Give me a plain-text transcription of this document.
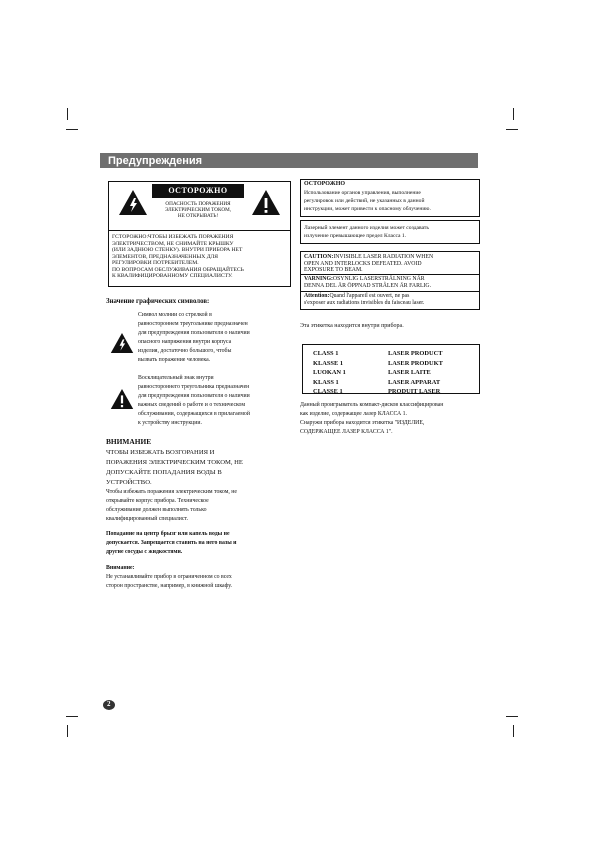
Предупреждения
ОСТОРОЖНО
ОПАСНОСТЬ ПОРАЖЕНИЯ
ЭЛЕКТРИЧЕСКИМ ТОКОМ,
НЕ ОТКРЫВАТЬ!
ГСТОРОЖНО:ЧТОБЫ ИЗБЕЖАТЬ ПОРАЖЕНИЯ
ЭЛЕКТРИЧЕСТВОМ, НЕ СНИМАЙТЕ КРЫШКУ
(ИЛИ ЗАДНЮЮ СТЕНКУ). ВНУТРИ ПРИБОРА НЕТ
ЭЛЕМЕНТОВ, ПРЕДНАЗНАЧЕННЫХ ДЛЯ
РЕГУЛИРОВКИ ПОТРЕБИТЕЛЕМ.
ПО ВОПРОСАМ ОБСЛУЖИВАНИЯ ОБРАЩАЙТЕСЬ
К КВАЛИФИЦИРОВАННОМУ СПЕЦИАЛИСТУ.
Значение графических символов:
Символ молнии со стрелкой в
равностороннем треугольнике предназначен
для предупреждения пользователя о наличии
опасного напряжения внутри корпуса
изделия, достаточно большого, чтобы
вызвать поражение человека.
Восклицательный знак внутри
равностороннего треугольника предназначен
для предупреждения пользователя о наличии
важных сведений о работе и о техническом
обслуживании, содержащихся в прилагаемой
к устройству инструкции.
ВНИМАНИЕ
ЧТОБЫ ИЗБЕЖАТЬ ВОЗГОРАНИЯ И
ПОРАЖЕНИЯ ЭЛЕКТРИЧЕСКИМ ТОКОМ, НЕ
ДОПУСКАЙТЕ ПОПАДАНИЯ ВОДЫ В
УСТРОЙСТВО.
Чтобы избежать поражения электрическим током, не
открывайте корпус прибора. Техническое
обслуживание должен выполнять только
квалифицированный специалист.
Попадание на центр брызг или капель воды не
допускается. Запрещается ставить на него вазы и
другие сосуды с жидкостями.
Внимание:
Не устанавливайте прибор в ограниченном со всех
сторон пространстве, например, в книжной шкафу.
ОСТОРОЖНО
Использование органов управления, выполнение
регулировок или действий, не указанных в данной
инструкции, может привести к опасному облучению.
Лазерный элемент данного изделия может создавать
излучение превышающее предел Класса 1.
CAUTION:INVISIBLE LASER RADIATION WHEN
OPEN AND INTERLOCKS DEFEATED. AVOID
EXPOSURE TO BEAM.
VARNING:OSYNLIG LASERSTRÅLNING NÄR
DENNA DEL ÄR ÖPPNAD STRÅLEN ÄR FARLIG.
Attention:Quand l'appareil est ouvert, ne pas
s'exposer aux radiations invisibles du faisceau laser.
Эта этикетка находится внутри прибора.
CLASS 1
KLASSE 1
LUOKAN 1
KLASS 1
CLASSE 1
LASER PRODUCT
LASER PRODUKT
LASER LAITE
LASER APPARAT
PRODUIT LASER
Данный проигрыватель компакт-дисков классифицирован
как изделие, содержащее лазер КЛАССА 1.
Снаружи прибора находится этикетка "ИЗДЕЛИЕ,
СОДЕРЖАЩЕЕ ЛАЗЕР КЛАССА 1".
2
